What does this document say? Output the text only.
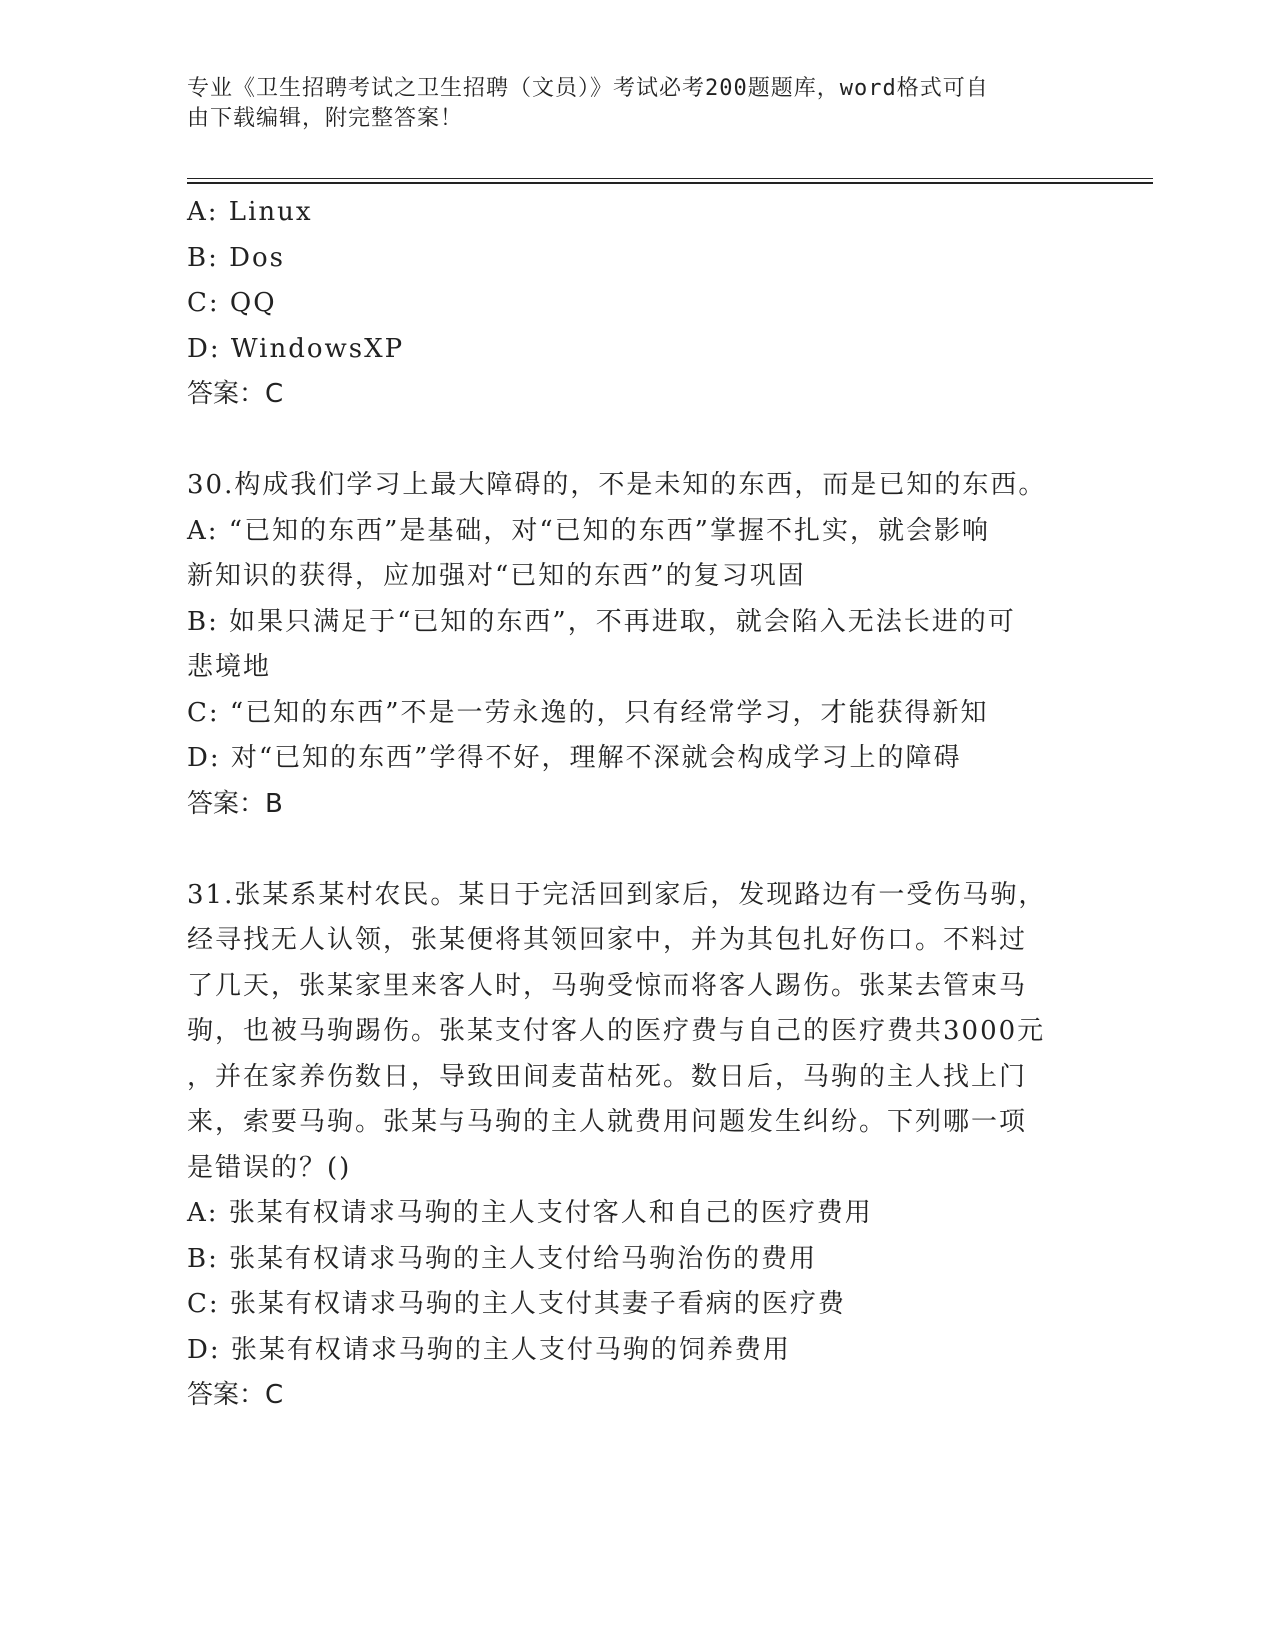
专业《卫生招聘考试之卫生招聘（文员）》考试必考200题题库，word格式可自
由下载编辑，附完整答案！
A: Linux
B: Dos
C: QQ
D: WindowsXP
答案：C
30.构成我们学习上最大障碍的，不是未知的东西，而是已知的东西。
A: “已知的东西”是基础，对“已知的东西”掌握不扎实，就会影响
新知识的获得，应加强对“已知的东西”的复习巩固
B: 如果只满足于“已知的东西”，不再进取，就会陷入无法长进的可
悲境地
C: “已知的东西”不是一劳永逸的，只有经常学习，才能获得新知
D: 对“已知的东西”学得不好，理解不深就会构成学习上的障碍
答案：B
31.张某系某村农民。某日于完活回到家后，发现路边有一受伤马驹，
经寻找无人认领，张某便将其领回家中，并为其包扎好伤口。不料过
了几天，张某家里来客人时，马驹受惊而将客人踢伤。张某去管束马
驹，也被马驹踢伤。张某支付客人的医疗费与自己的医疗费共3000元
，并在家养伤数日，导致田间麦苗枯死。数日后，马驹的主人找上门
来，索要马驹。张某与马驹的主人就费用问题发生纠纷。下列哪一项
是错误的？()
A: 张某有权请求马驹的主人支付客人和自己的医疗费用
B: 张某有权请求马驹的主人支付给马驹治伤的费用
C: 张某有权请求马驹的主人支付其妻子看病的医疗费
D: 张某有权请求马驹的主人支付马驹的饲养费用
答案：C
